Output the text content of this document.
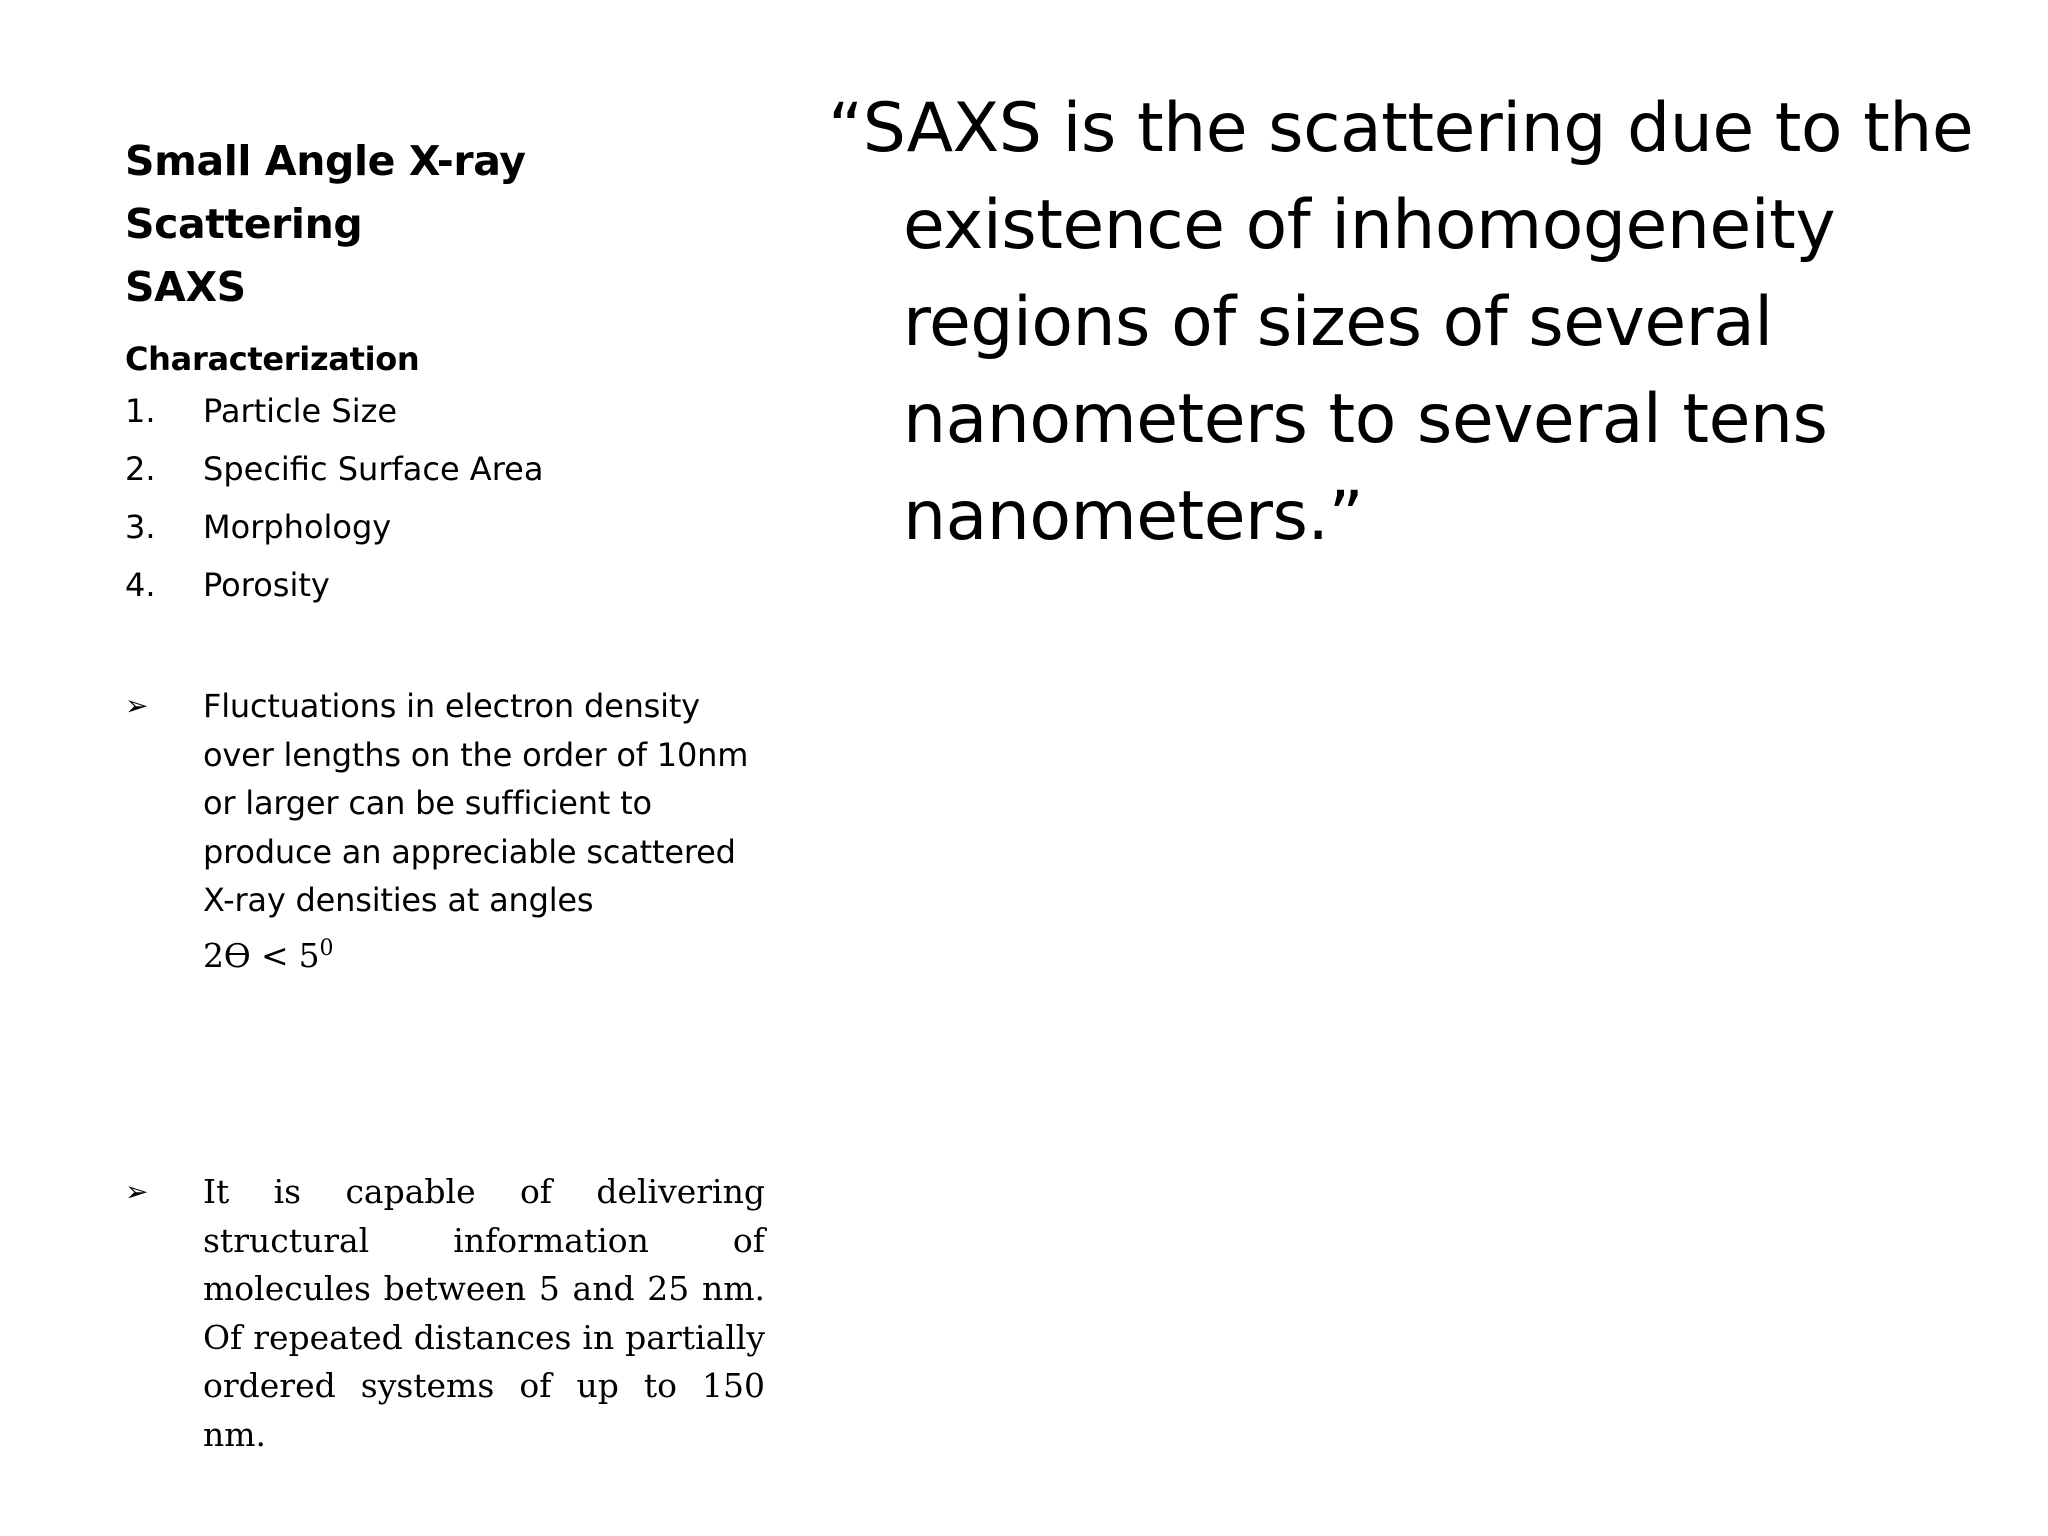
Small Angle X-ray Scattering
SAXS

Characterization

1.	Particle Size
2.	Specific Surface Area
3.	Morphology
4.	Porosity
➢	Fluctuations in electron density over lengths on the order of 10nm or larger can be sufficient to produce an appreciable scattered X-ray densities at angles
$2ϴ < 5^0$
➢	It is capable of delivering structural information of molecules between 5 and 25 nm. Of repeated distances in partially ordered systems of up to 150 nm.

“SAXS is the scattering due to the existence of inhomogeneity regions of sizes of several nanometers to several tens nanometers.”
